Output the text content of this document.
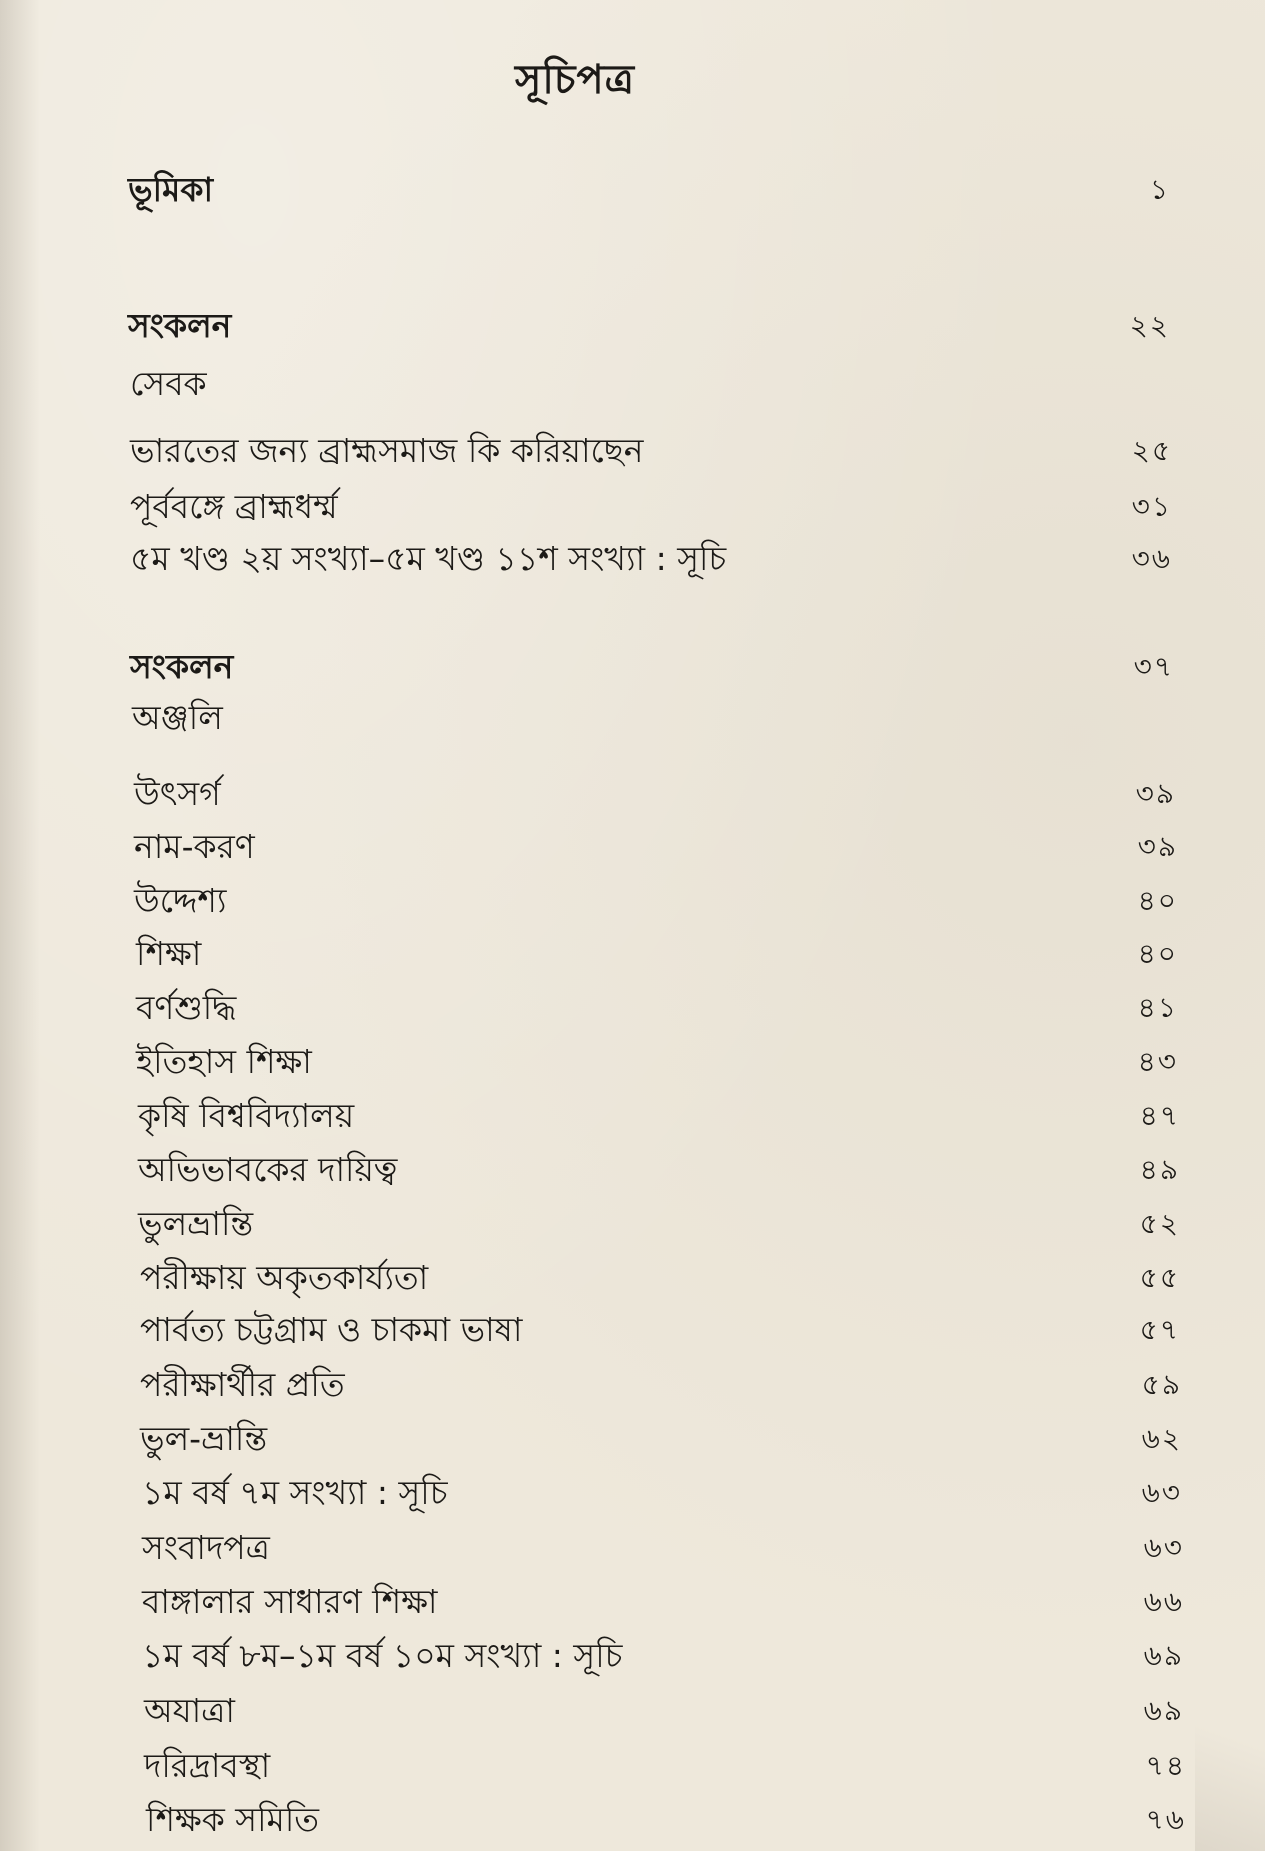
সূচিপত্র
ভূমিকা	১
সংকলন	২২
সেবক
ভারতের জন্য ব্রাহ্মসমাজ কি করিয়াছেন	২৫
পূর্ববঙ্গে ব্রাহ্মধর্ম্ম	৩১
৫ম খণ্ড ২য় সংখ্যা–৫ম খণ্ড ১১শ সংখ্যা : সূচি	৩৬
সংকলন	৩৭
অঞ্জলি
উৎসর্গ	৩৯
নাম-করণ	৩৯
উদ্দেশ্য	৪০
শিক্ষা	৪০
বর্ণশুদ্ধি	৪১
ইতিহাস শিক্ষা	৪৩
কৃষি বিশ্ববিদ্যালয়	৪৭
অভিভাবকের দায়িত্ব	৪৯
ভুলভ্রান্তি	৫২
পরীক্ষায় অকৃতকার্য্যতা	৫৫
পার্বত্য চট্টগ্রাম ও চাকমা ভাষা	৫৭
পরীক্ষার্থীর প্রতি	৫৯
ভুল-ভ্রান্তি	৬২
১ম বর্ষ ৭ম সংখ্যা : সূচি	৬৩
সংবাদপত্র	৬৩
বাঙ্গালার সাধারণ শিক্ষা	৬৬
১ম বর্ষ ৮ম–১ম বর্ষ ১০ম সংখ্যা : সূচি	৬৯
অযাত্রা	৬৯
দরিদ্রাবস্থা	৭৪
শিক্ষক সমিতি	৭৬
